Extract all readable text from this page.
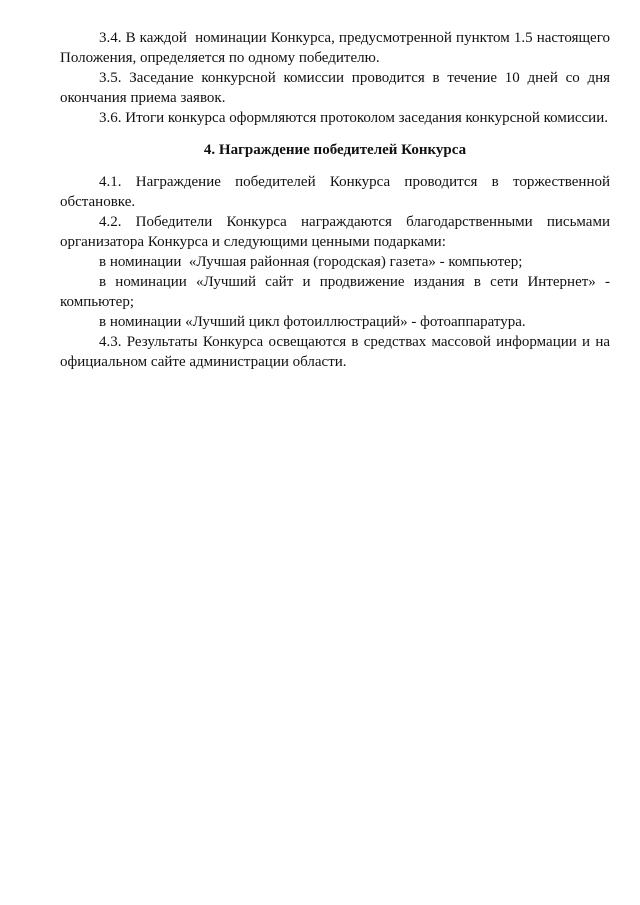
3.4. В каждой  номинации Конкурса, предусмотренной пунктом 1.5 настоящего Положения, определяется по одному победителю.

3.5. Заседание конкурсной комиссии проводится в течение 10 дней со дня окончания приема заявок.

3.6. Итоги конкурса оформляются протоколом заседания конкурсной комиссии.

4. Награждение победителей Конкурса

4.1. Награждение победителей Конкурса проводится в торжественной обстановке.

4.2. Победители Конкурса награждаются благодарственными письмами организатора Конкурса и следующими ценными подарками:

в номинации  «Лучшая районная (городская) газета» - компьютер;

в номинации «Лучший сайт и продвижение издания в сети Интернет» - компьютер;

в номинации «Лучший цикл фотоиллюстраций» - фотоаппаратура.

4.3. Результаты Конкурса освещаются в средствах массовой информации и на официальном сайте администрации области.
